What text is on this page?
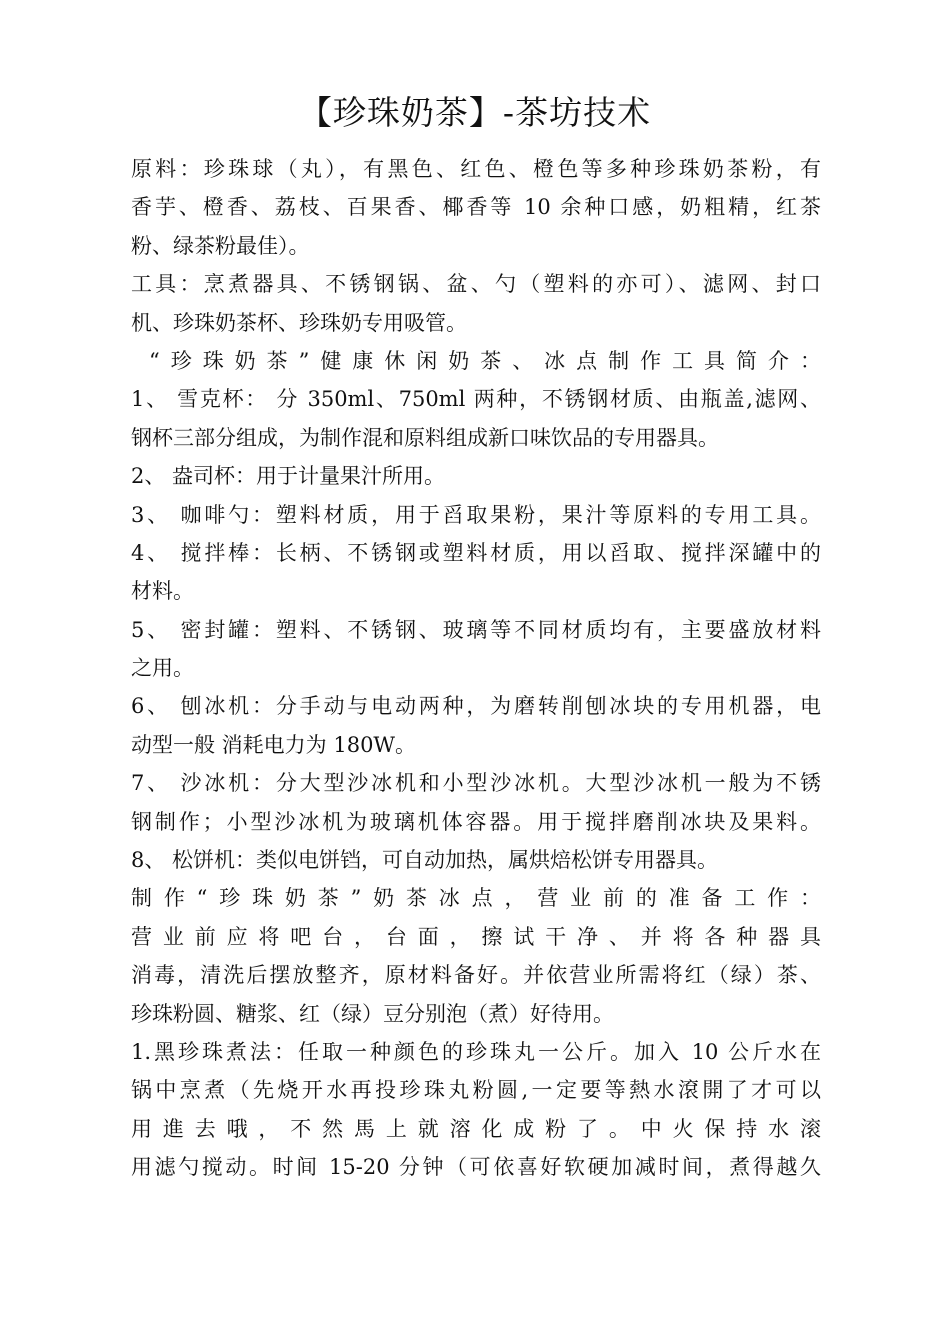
【珍珠奶茶】-茶坊技术
原料：珍珠球（丸），有黑色、红色、橙色等多种珍珠奶茶粉，有
香芋、橙香、荔枝、百果香、椰香等 10 余种口感，奶粗精，红茶
粉、绿茶粉最佳）。
工具：烹煮器具、不锈钢锅、盆、勺（塑料的亦可）、滤网、封口
机、珍珠奶茶杯、珍珠奶专用吸管。
“珍珠奶茶”健康休闲奶茶、冰点制作工具简介：
1、 雪克杯： 分 350ml、750ml 两种，不锈钢材质、由瓶盖,滤网、
钢杯三部分组成，为制作混和原料组成新口味饮品的专用器具。
2、 盎司杯：用于计量果汁所用。
3、 咖啡勺：塑料材质，用于舀取果粉，果汁等原料的专用工具。
4、 搅拌棒：长柄、不锈钢或塑料材质，用以舀取、搅拌深罐中的
材料。
5、 密封罐：塑料、不锈钢、玻璃等不同材质均有，主要盛放材料
之用。
6、 刨冰机：分手动与电动两种，为磨转削刨冰块的专用机器，电
动型一般 消耗电力为 180W。
7、 沙冰机：分大型沙冰机和小型沙冰机。大型沙冰机一般为不锈
钢制作；小型沙冰机为玻璃机体容器。用于搅拌磨削冰块及果料。
8、 松饼机：类似电饼铛，可自动加热，属烘焙松饼专用器具。
制作“珍珠奶茶”奶茶冰点，营业前的准备工作：
营业前应将吧台，台面，擦试干净、并将各种器具
消毒，清洗后摆放整齐，原材料备好。并依营业所需将红（绿）茶、
珍珠粉圆、糖浆、红（绿）豆分别泡（煮）好待用。
1.黑珍珠煮法：任取一种颜色的珍珠丸一公斤。加入 10 公斤水在
锅中烹煮（先烧开水再投珍珠丸粉圆,一定要等熱水滾開了才可以
用進去哦，不然馬上就溶化成粉了。中火保持水滚
用滤勺搅动。时间 15-20 分钟（可依喜好软硬加减时间，煮得越久
